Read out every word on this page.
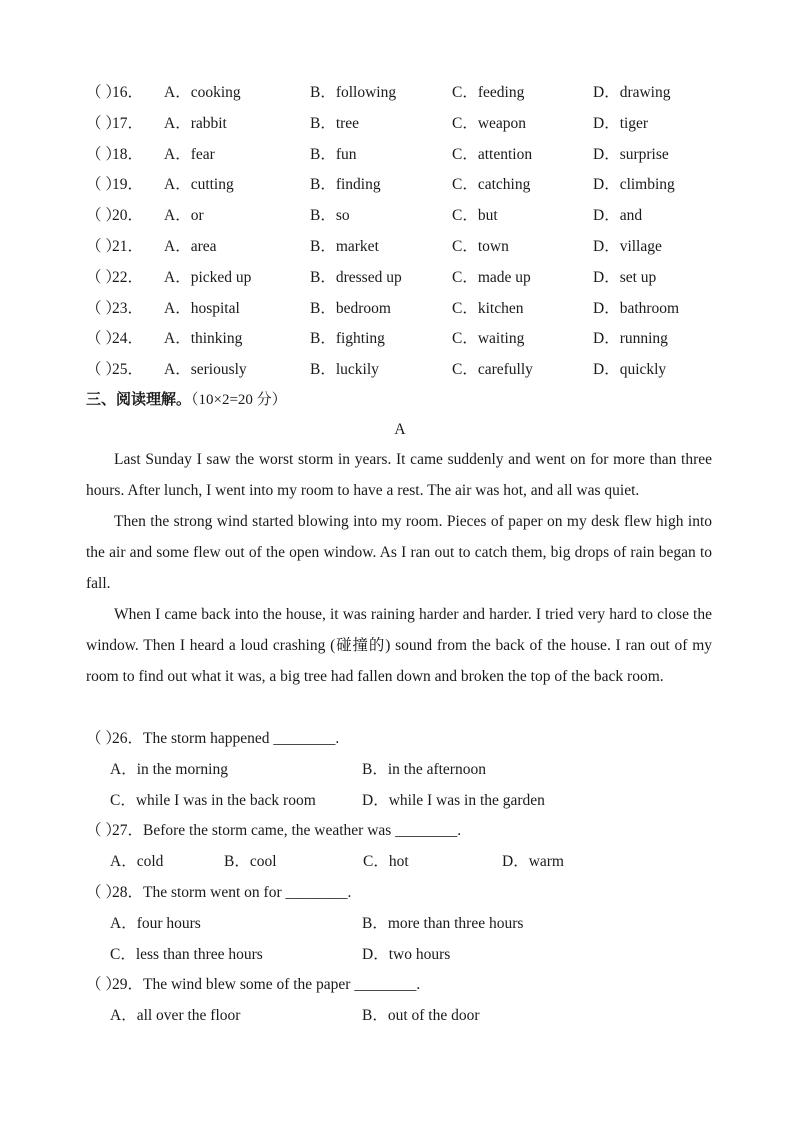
（ ）
16． A．cooking	B．following	C．feeding	D．drawing
（ ）
17． A．rabbit	B．tree	C．weapon	D．tiger
（ ）
18． A．fear	B．fun	C．attention	D．surprise
（ ）
19． A．cutting	B．finding	C．catching	D．climbing
（ ）
20． A．or	B．so	C．but	D．and
（ ）
21． A．area	B．market	C．town	D．village
（ ）
22． A．picked up	B．dressed up	C．made up	D．set up
（ ）
23． A．hospital	B．bedroom	C．kitchen	D．bathroom
（ ）
24． A．thinking	B．fighting	C．waiting	D．running
（ ）
25． A．seriously	B．luckily	C．carefully	D．quickly
三、阅读理解。（10×2=20 分）
A

Last Sunday I saw the worst storm in years. It came suddenly and went on for more than three hours. After lunch, I went into my room to have a rest. The air was hot, and all was quiet.

Then the strong wind started blowing into my room. Pieces of paper on my desk flew high into the air and some flew out of the open window. As I ran out to catch them, big drops of rain began to fall.

When I came back into the house, it was raining harder and harder. I tried very hard to close the window. Then I heard a loud crashing (碰撞的) sound from the back of the house. I ran out of my room to find out what it was, a big tree had fallen down and broken the top of the back room.

（ ）
26．The storm happened ________.
A．in the morning	B．in the afternoon
C．while I was in the back room	D．while I was in the garden
（ ）
27．Before the storm came, the weather was ________.
A．cold	B．cool	C．hot	D．warm
（ ）
28．The storm went on for ________.
A．four hours	B．more than three hours
C．less than three hours	D．two hours
（ ）
29．The wind blew some of the paper ________.
A．all over the floor	B．out of the door
